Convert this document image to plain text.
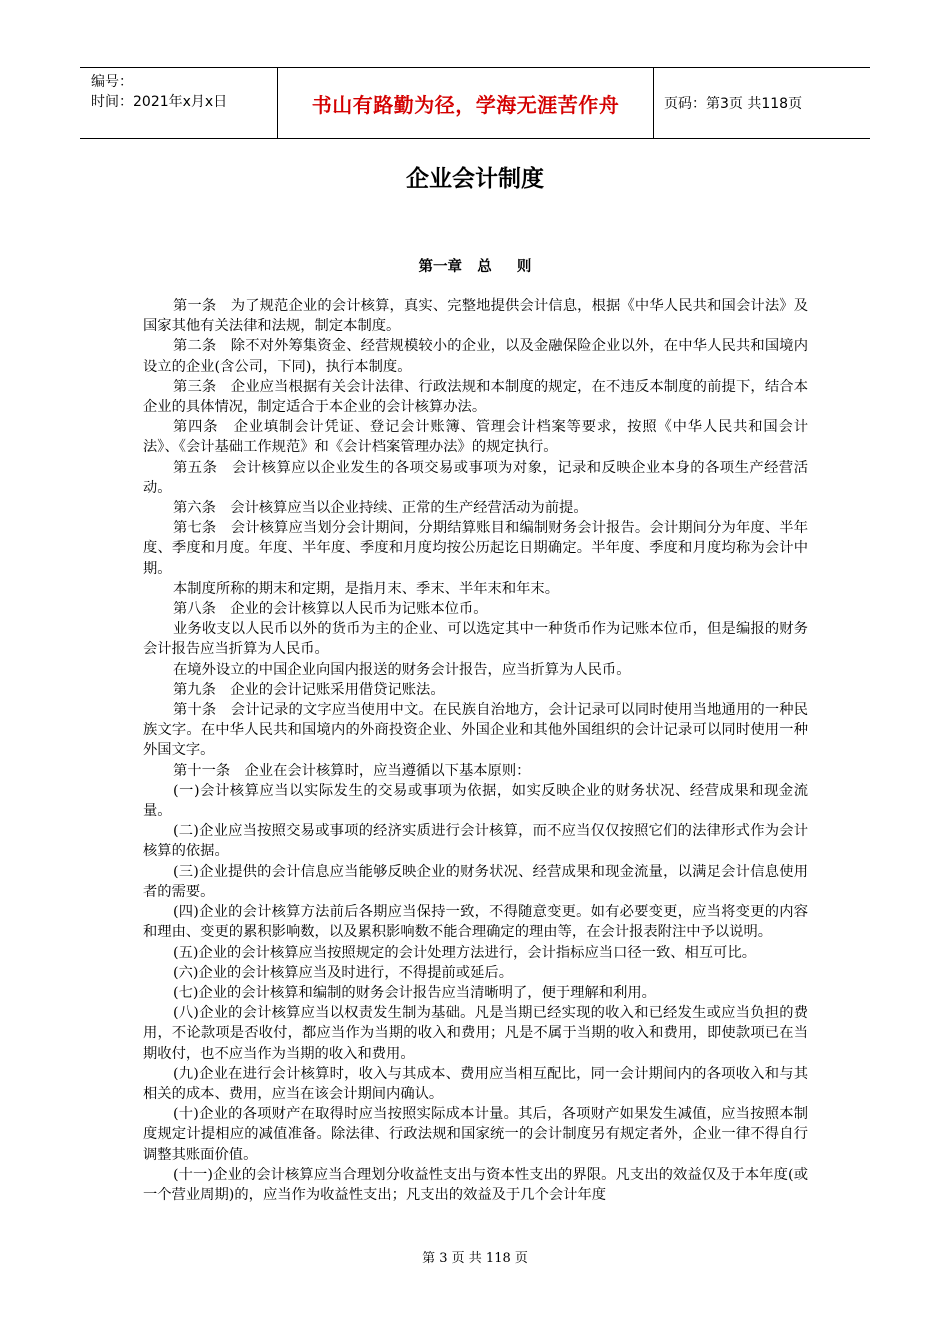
编号：
时间：2021年x月x日	书山有路勤为径，学海无涯苦作舟	页码：第3页 共118页
企业会计制度
第一章   总     则

第一条　为了规范企业的会计核算，真实、完整地提供会计信息，根据《中华人民共和国会计法》及国家其他有关法律和法规，制定本制度。

第二条　除不对外筹集资金、经营规模较小的企业，以及金融保险企业以外，在中华人民共和国境内设立的企业(含公司，下同)，执行本制度。

第三条　企业应当根据有关会计法律、行政法规和本制度的规定，在不违反本制度的前提下，结合本企业的具体情况，制定适合于本企业的会计核算办法。

第四条　企业填制会计凭证、登记会计账簿、管理会计档案等要求，按照《中华人民共和国会计法》、《会计基础工作规范》和《会计档案管理办法》的规定执行。

第五条　会计核算应以企业发生的各项交易或事项为对象，记录和反映企业本身的各项生产经营活动。

第六条　会计核算应当以企业持续、正常的生产经营活动为前提。

第七条　会计核算应当划分会计期间，分期结算账目和编制财务会计报告。会计期间分为年度、半年度、季度和月度。年度、半年度、季度和月度均按公历起讫日期确定。半年度、季度和月度均称为会计中期。

本制度所称的期末和定期，是指月末、季末、半年末和年末。

第八条　企业的会计核算以人民币为记账本位币。

业务收支以人民币以外的货币为主的企业、可以选定其中一种货币作为记账本位币，但是编报的财务会计报告应当折算为人民币。

在境外设立的中国企业向国内报送的财务会计报告，应当折算为人民币。

第九条　企业的会计记账采用借贷记账法。

第十条　会计记录的文字应当使用中文。在民族自治地方，会计记录可以同时使用当地通用的一种民族文字。在中华人民共和国境内的外商投资企业、外国企业和其他外国组织的会计记录可以同时使用一种外国文字。

第十一条　企业在会计核算时，应当遵循以下基本原则：

(一)会计核算应当以实际发生的交易或事项为依据，如实反映企业的财务状况、经营成果和现金流量。

(二)企业应当按照交易或事项的经济实质进行会计核算，而不应当仅仅按照它们的法律形式作为会计核算的依据。

(三)企业提供的会计信息应当能够反映企业的财务状况、经营成果和现金流量，以满足会计信息使用者的需要。

(四)企业的会计核算方法前后各期应当保持一致，不得随意变更。如有必要变更，应当将变更的内容和理由、变更的累积影响数，以及累积影响数不能合理确定的理由等，在会计报表附注中予以说明。

(五)企业的会计核算应当按照规定的会计处理方法进行，会计指标应当口径一致、相互可比。

(六)企业的会计核算应当及时进行，不得提前或延后。

(七)企业的会计核算和编制的财务会计报告应当清晰明了，便于理解和利用。

(八)企业的会计核算应当以权责发生制为基础。凡是当期已经实现的收入和已经发生或应当负担的费用，不论款项是否收付，都应当作为当期的收入和费用；凡是不属于当期的收入和费用，即使款项已在当期收付，也不应当作为当期的收入和费用。

(九)企业在进行会计核算时，收入与其成本、费用应当相互配比，同一会计期间内的各项收入和与其相关的成本、费用，应当在该会计期间内确认。

(十)企业的各项财产在取得时应当按照实际成本计量。其后，各项财产如果发生减值，应当按照本制度规定计提相应的减值准备。除法律、行政法规和国家统一的会计制度另有规定者外，企业一律不得自行调整其账面价值。

(十一)企业的会计核算应当合理划分收益性支出与资本性支出的界限。凡支出的效益仅及于本年度(或一个营业周期)的，应当作为收益性支出；凡支出的效益及于几个会计年度

第 3 页 共 118 页
